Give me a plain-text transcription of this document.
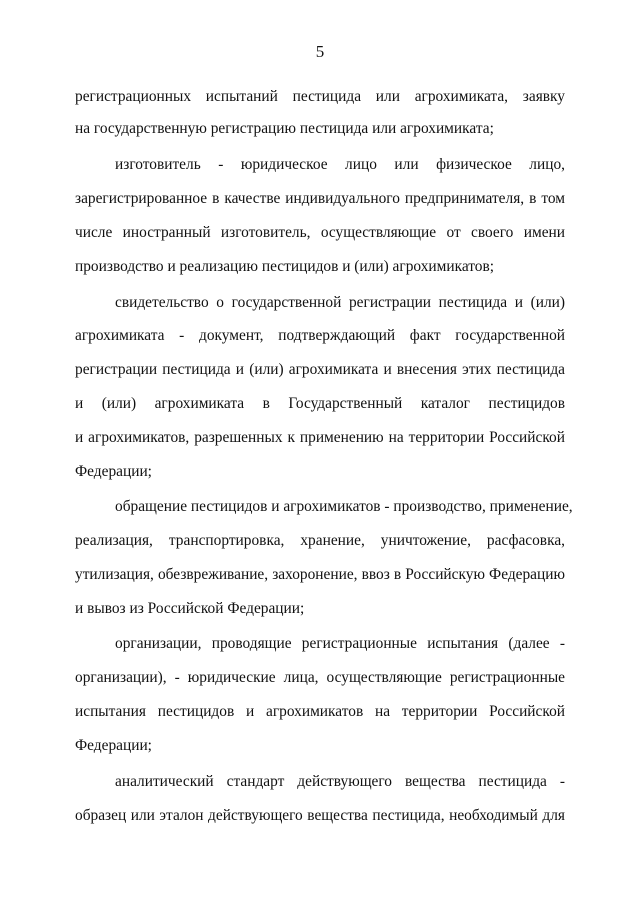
5
регистрационных испытаний пестицида или агрохимиката, заявку
на государственную регистрацию пестицида или агрохимиката;
изготовитель - юридическое лицо или физическое лицо,
зарегистрированное в качестве индивидуального предпринимателя, в том
числе иностранный изготовитель, осуществляющие от своего имени
производство и реализацию пестицидов и (или) агрохимикатов;
свидетельство о государственной регистрации пестицида и (или)
агрохимиката - документ, подтверждающий факт государственной
регистрации пестицида и (или) агрохимиката и внесения этих пестицида
и (или) агрохимиката в Государственный каталог пестицидов
и агрохимикатов, разрешенных к применению на территории Российской
Федерации;
обращение пестицидов и агрохимикатов - производство, применение,
реализация, транспортировка, хранение, уничтожение, расфасовка,
утилизация, обезвреживание, захоронение, ввоз в Российскую Федерацию
и вывоз из Российской Федерации;
организации, проводящие регистрационные испытания (далее -
организации), - юридические лица, осуществляющие регистрационные
испытания пестицидов и агрохимикатов на территории Российской
Федерации;
аналитический стандарт действующего вещества пестицида -
образец или эталон действующего вещества пестицида, необходимый для
